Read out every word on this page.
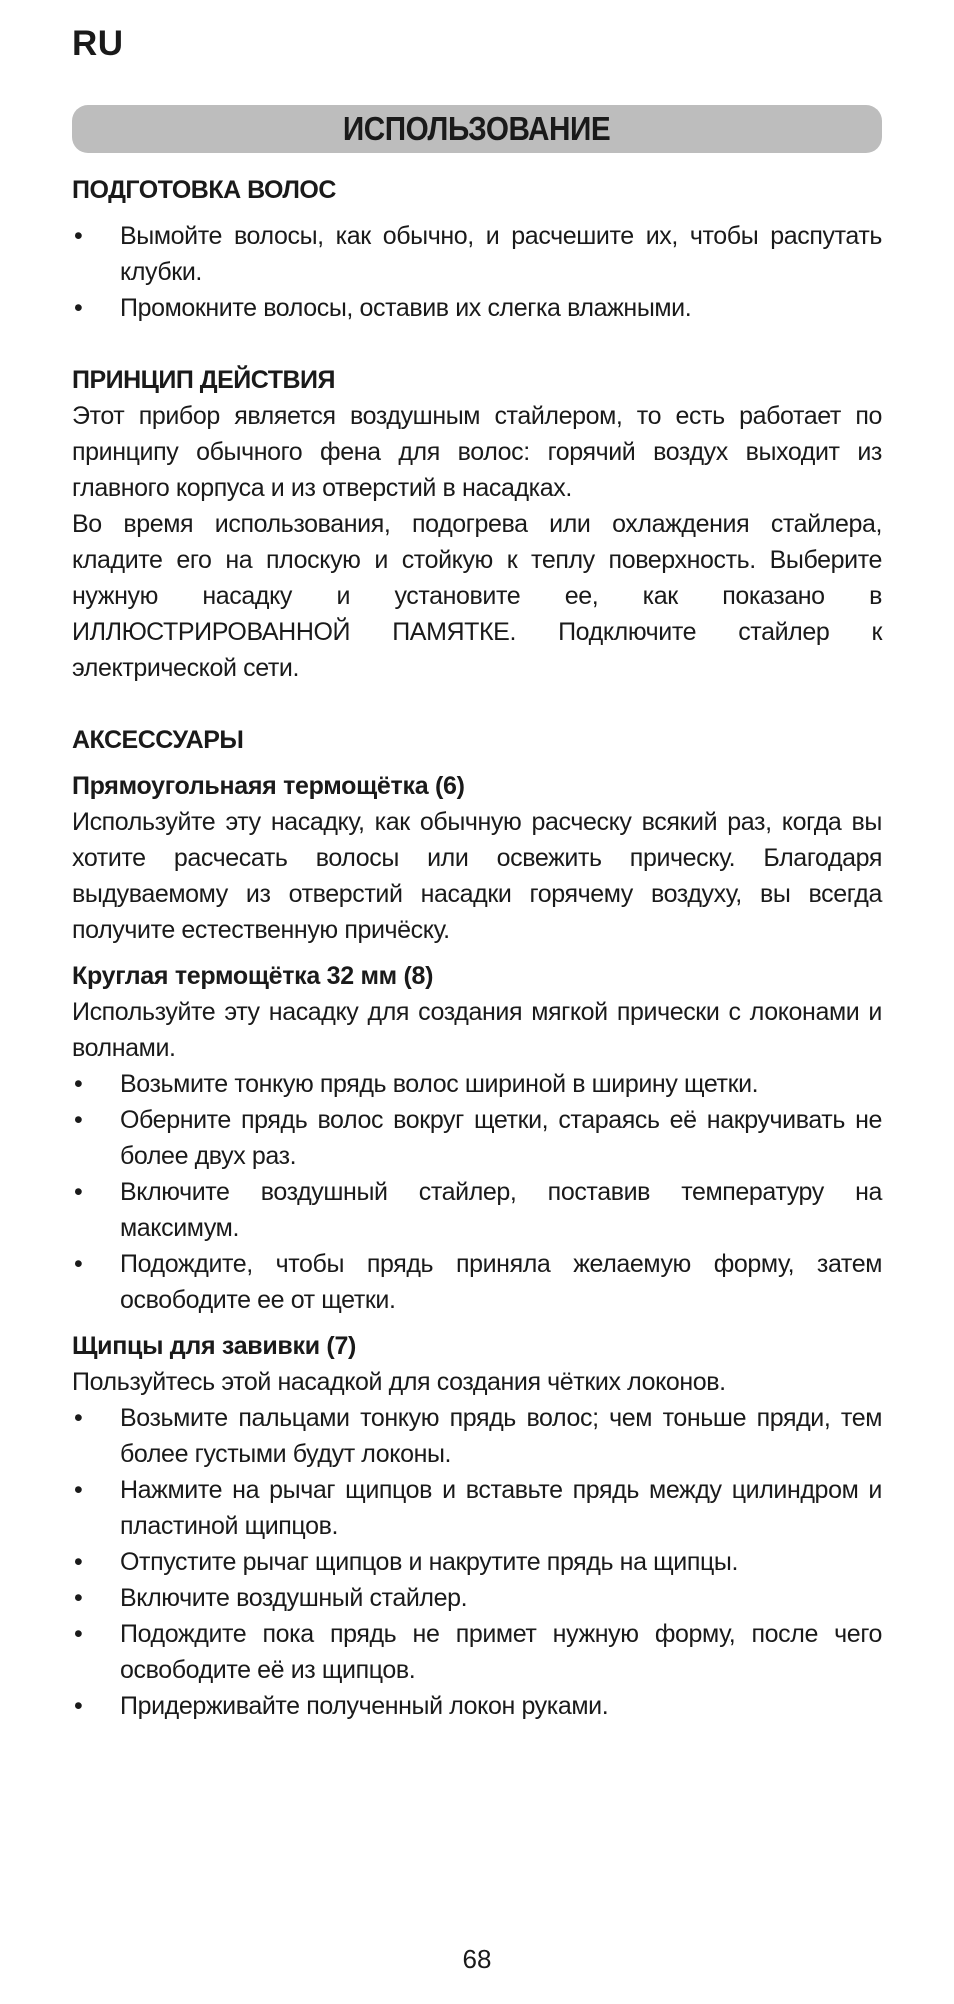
RU
ИСПОЛЬЗОВАНИЕ
ПОДГОТОВКА ВОЛОС
• Вымойте волосы, как обычно, и расчешите их, чтобы распутать клубки.
• Промокните волосы, оставив их слегка влажными.
ПРИНЦИП ДЕЙСТВИЯ

Этот прибор является воздушным стайлером, то есть работает по принципу обычного фена для волос: горячий воздух выходит из главного корпуса и из отверстий в насадках.

Во время использования, подогрева или охлаждения стайлера, кладите его на плоскую и стойкую к теплу поверхность. Выберите нужную насадку и установите ее, как показано в ИЛЛЮСТРИРОВАННОЙ ПАМЯТКЕ. Подключите стайлер к электрической сети.

АКСЕССУАРЫ
Прямоугольнаяя термощётка (6)

Используйте эту насадку, как обычную расческу всякий раз, когда вы хотите расчесать волосы или освежить прическу. Благодаря выдуваемому из отверстий насадки горячему воздуху, вы всегда получите естественную причёску.

Круглая термощётка 32 мм (8)

Используйте эту насадку для создания мягкой прически с локонами и волнами.

• Возьмите тонкую прядь волос шириной в ширину щетки.
• Оберните прядь волос вокруг щетки, стараясь её накручивать не более двух раз.
• Включите воздушный стайлер, поставив температуру на максимум.
• Подождите, чтобы прядь приняла желаемую форму, затем освободите ее от щетки.
Щипцы для завивки (7)

Пользуйтесь этой насадкой для создания чётких локонов.

• Возьмите пальцами тонкую прядь волос; чем тоньше пряди, тем более густыми будут локоны.
• Нажмите на рычаг щипцов и вставьте прядь между цилиндром и пластиной щипцов.
• Отпустите рычаг щипцов и накрутите прядь на щипцы.
• Включите воздушный стайлер.
• Подождите пока прядь не примет нужную форму, после чего освободите её из щипцов.
• Придерживайте полученный локон руками.
68
